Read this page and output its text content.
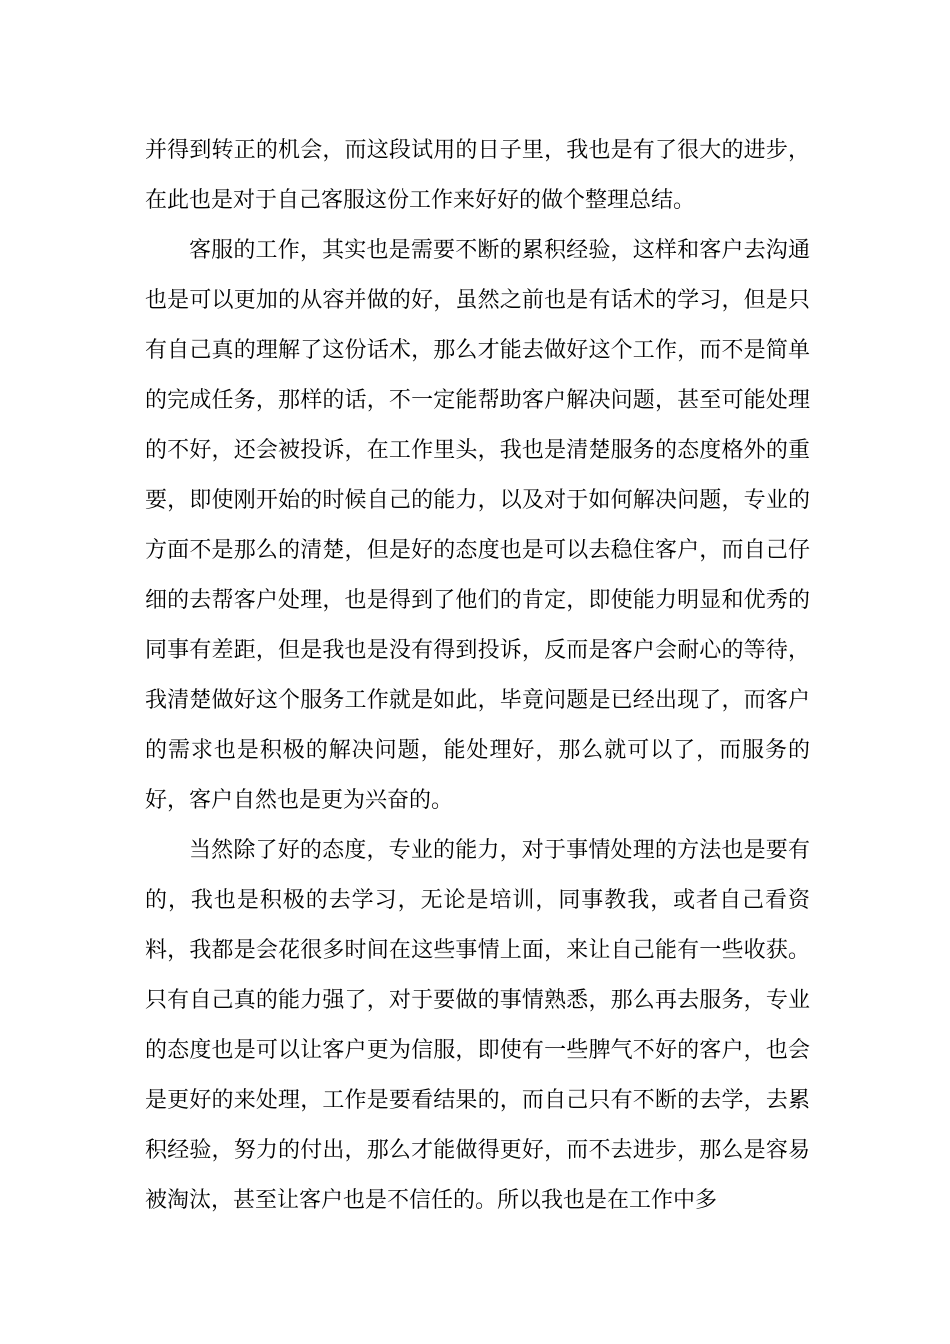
并得到转正的机会，而这段试用的日子里，我也是有了很大的进步，在此也是对于自己客服这份工作来好好的做个整理总结。

客服的工作，其实也是需要不断的累积经验，这样和客户去沟通也是可以更加的从容并做的好，虽然之前也是有话术的学习，但是只有自己真的理解了这份话术，那么才能去做好这个工作，而不是简单的完成任务，那样的话，不一定能帮助客户解决问题，甚至可能处理的不好，还会被投诉，在工作里头，我也是清楚服务的态度格外的重要，即使刚开始的时候自己的能力，以及对于如何解决问题，专业的方面不是那么的清楚，但是好的态度也是可以去稳住客户，而自己仔细的去帮客户处理，也是得到了他们的肯定，即使能力明显和优秀的同事有差距，但是我也是没有得到投诉，反而是客户会耐心的等待，我清楚做好这个服务工作就是如此，毕竟问题是已经出现了，而客户的需求也是积极的解决问题，能处理好，那么就可以了，而服务的好，客户自然也是更为兴奋的。

当然除了好的态度，专业的能力，对于事情处理的方法也是要有的，我也是积极的去学习，无论是培训，同事教我，或者自己看资料，我都是会花很多时间在这些事情上面，来让自己能有一些收获。只有自己真的能力强了，对于要做的事情熟悉，那么再去服务，专业的态度也是可以让客户更为信服，即使有一些脾气不好的客户，也会是更好的来处理，工作是要看结果的，而自己只有不断的去学，去累积经验，努力的付出，那么才能做得更好，而不去进步，那么是容易被淘汰，甚至让客户也是不信任的。所以我也是在工作中多
